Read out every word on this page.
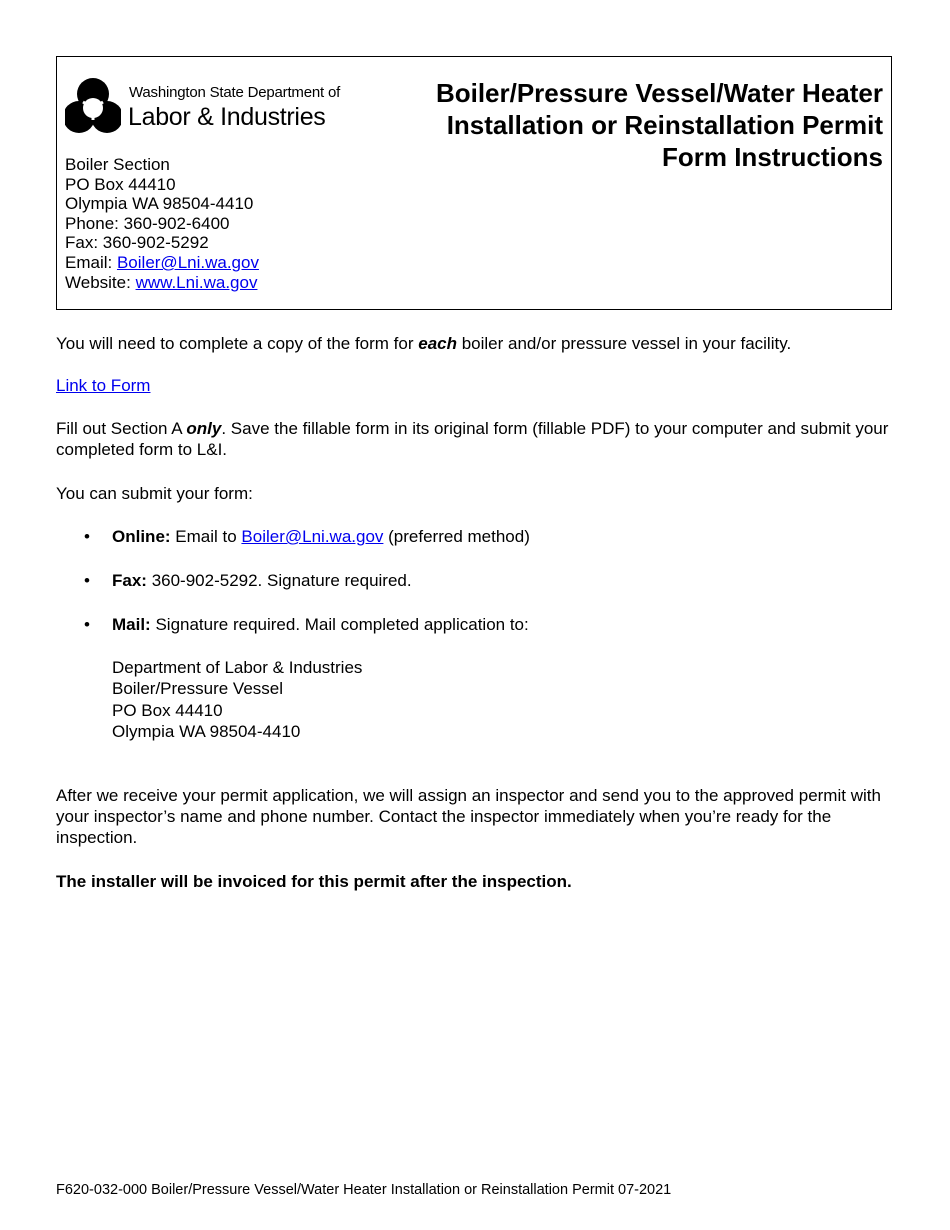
Washington State Department of
Labor & Industries
Boiler Section
PO Box 44410
Olympia WA 98504-4410
Phone: 360-902-6400
Fax: 360-902-5292
Email: Boiler@Lni.wa.gov
Website: www.Lni.wa.gov
Boiler/Pressure Vessel/Water Heater
Installation or Reinstallation Permit
Form Instructions
You will need to complete a copy of the form for each boiler and/or pressure vessel in your facility.
Link to Form
Fill out Section A only. Save the fillable form in its original form (fillable PDF) to your computer and submit your completed form to L&I.
You can submit your form:
• Online: Email to Boiler@Lni.wa.gov (preferred method)
• Fax: 360-902-5292. Signature required.
• Mail: Signature required. Mail completed application to:
Department of Labor & Industries
Boiler/Pressure Vessel
PO Box 44410
Olympia WA 98504-4410
After we receive your permit application, we will assign an inspector and send you to the approved permit with your inspector’s name and phone number. Contact the inspector immediately when you’re ready for the inspection.
The installer will be invoiced for this permit after the inspection.
F620-032-000 Boiler/Pressure Vessel/Water Heater Installation or Reinstallation Permit 07-2021
